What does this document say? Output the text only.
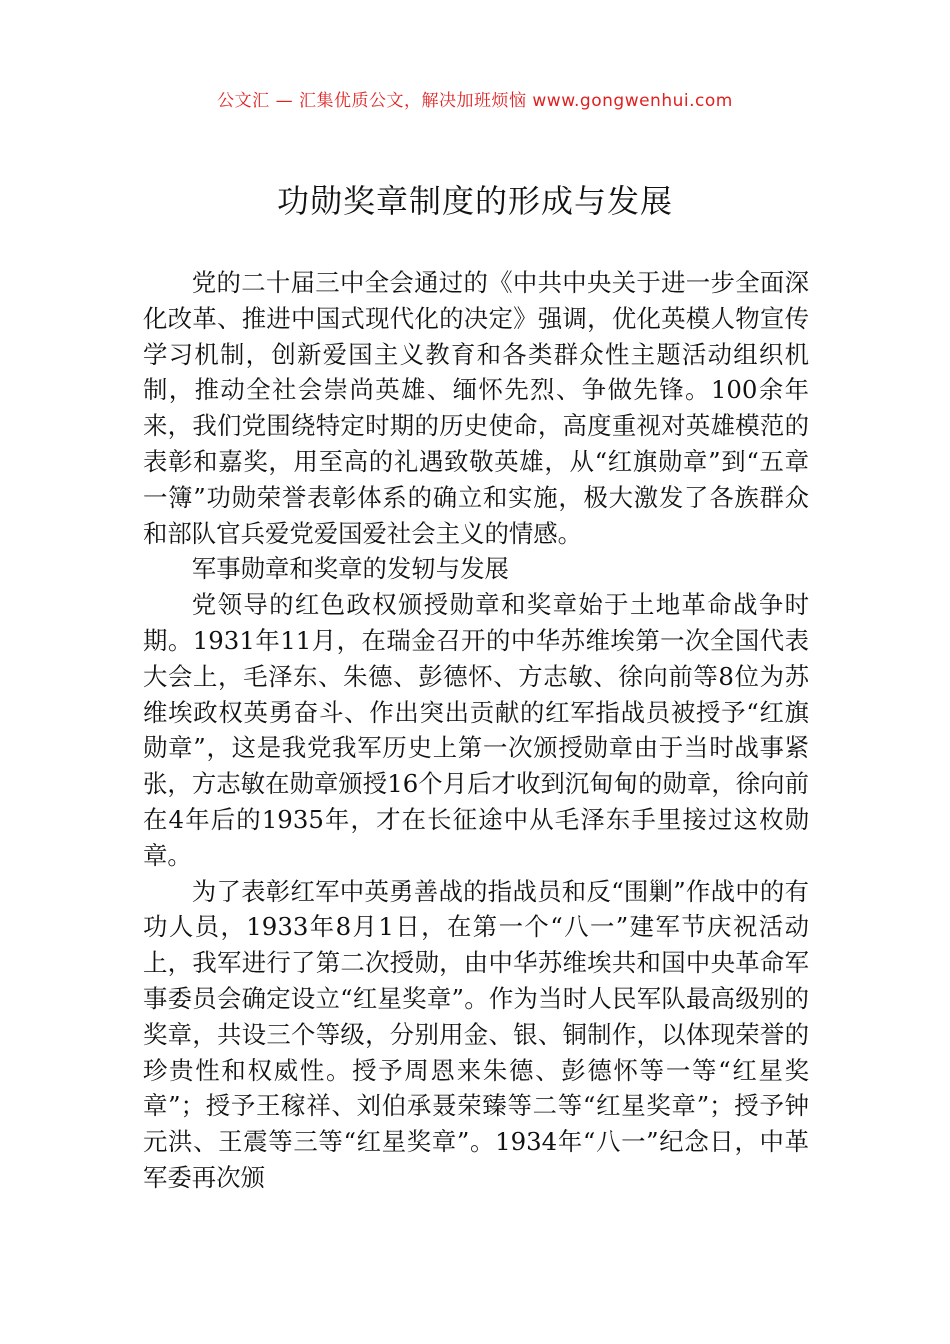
公文汇 — 汇集优质公文，解决加班烦恼 www.gongwenhui.com
功勋奖章制度的形成与发展

党的二十届三中全会通过的《中共中央关于进一步全面深化改革、推进中国式现代化的决定》强调，优化英模人物宣传学习机制，创新爱国主义教育和各类群众性主题活动组织机制，推动全社会崇尚英雄、缅怀先烈、争做先锋。100余年来，我们党围绕特定时期的历史使命，高度重视对英雄模范的表彰和嘉奖，用至高的礼遇致敬英雄，从“红旗勋章”到“五章一簿”功勋荣誉表彰体系的确立和实施，极大激发了各族群众和部队官兵爱党爱国爱社会主义的情感。

军事勋章和奖章的发轫与发展

党领导的红色政权颁授勋章和奖章始于土地革命战争时期。1931年11月，在瑞金召开的中华苏维埃第一次全国代表大会上，毛泽东、朱德、彭德怀、方志敏、徐向前等8位为苏维埃政权英勇奋斗、作出突出贡献的红军指战员被授予“红旗勋章”，这是我党我军历史上第一次颁授勋章由于当时战事紧张，方志敏在勋章颁授16个月后才收到沉甸甸的勋章，徐向前在4年后的1935年，才在长征途中从毛泽东手里接过这枚勋章。

为了表彰红军中英勇善战的指战员和反“围剿”作战中的有功人员，1933年8月1日，在第一个“八一”建军节庆祝活动上，我军进行了第二次授勋，由中华苏维埃共和国中央革命军事委员会确定设立“红星奖章”。作为当时人民军队最高级别的奖章，共设三个等级，分别用金、银、铜制作，以体现荣誉的珍贵性和权威性。授予周恩来朱德、彭德怀等一等“红星奖章”；授予王稼祥、刘伯承聂荣臻等二等“红星奖章”；授予钟元洪、王震等三等“红星奖章”。1934年“八一”纪念日，中革军委再次颁
